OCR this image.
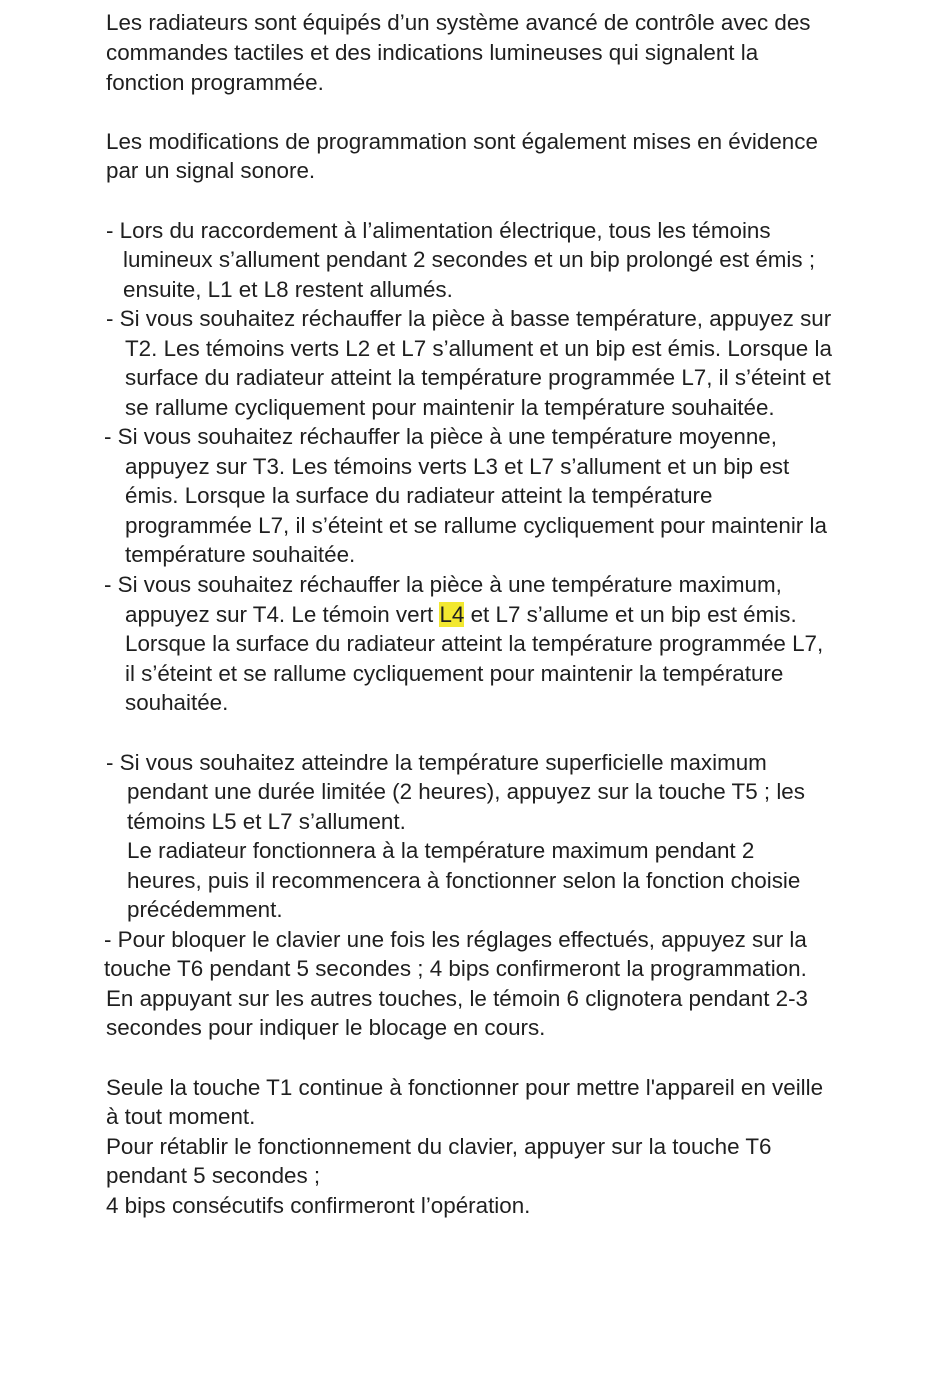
Les radiateurs sont équipés d’un système avancé de contrôle avec des
commandes tactiles et des indications lumineuses qui signalent la
fonction programmée.
Les modifications de programmation sont également mises en évidence
par un signal sonore.
- Lors du raccordement à l’alimentation électrique, tous les témoins
lumineux s’allument pendant 2 secondes et un bip prolongé est émis ;
ensuite, L1 et L8 restent allumés.
- Si vous souhaitez réchauffer la pièce à basse température, appuyez sur
T2. Les témoins verts L2 et L7 s’allument et un bip est émis. Lorsque la
surface du radiateur atteint la température programmée L7, il s’éteint et
se rallume cycliquement pour maintenir la température souhaitée.
- Si vous souhaitez réchauffer la pièce à une température moyenne,
appuyez sur T3. Les témoins verts L3 et L7 s’allument et un bip est
émis. Lorsque la surface du radiateur atteint la température
programmée L7, il s’éteint et se rallume cycliquement pour maintenir la
température souhaitée.
- Si vous souhaitez réchauffer la pièce à une température maximum,
appuyez sur T4. Le témoin vert L4 et L7 s’allume et un bip est émis.
Lorsque la surface du radiateur atteint la température programmée L7,
il s’éteint et se rallume cycliquement pour maintenir la température
souhaitée.
- Si vous souhaitez atteindre la température superficielle maximum
pendant une durée limitée (2 heures), appuyez sur la touche T5 ; les
témoins L5 et L7 s’allument.
Le radiateur fonctionnera à la température maximum pendant 2
heures, puis il recommencera à fonctionner selon la fonction choisie
précédemment.
- Pour bloquer le clavier une fois les réglages effectués, appuyez sur la
touche T6 pendant 5 secondes ; 4 bips confirmeront la programmation.
En appuyant sur les autres touches, le témoin 6 clignotera pendant 2-3
secondes pour indiquer le blocage en cours.
Seule la touche T1 continue à fonctionner pour mettre l'appareil en veille
à tout moment.
Pour rétablir le fonctionnement du clavier, appuyer sur la touche T6
pendant 5 secondes ;
4 bips consécutifs confirmeront l’opération.
